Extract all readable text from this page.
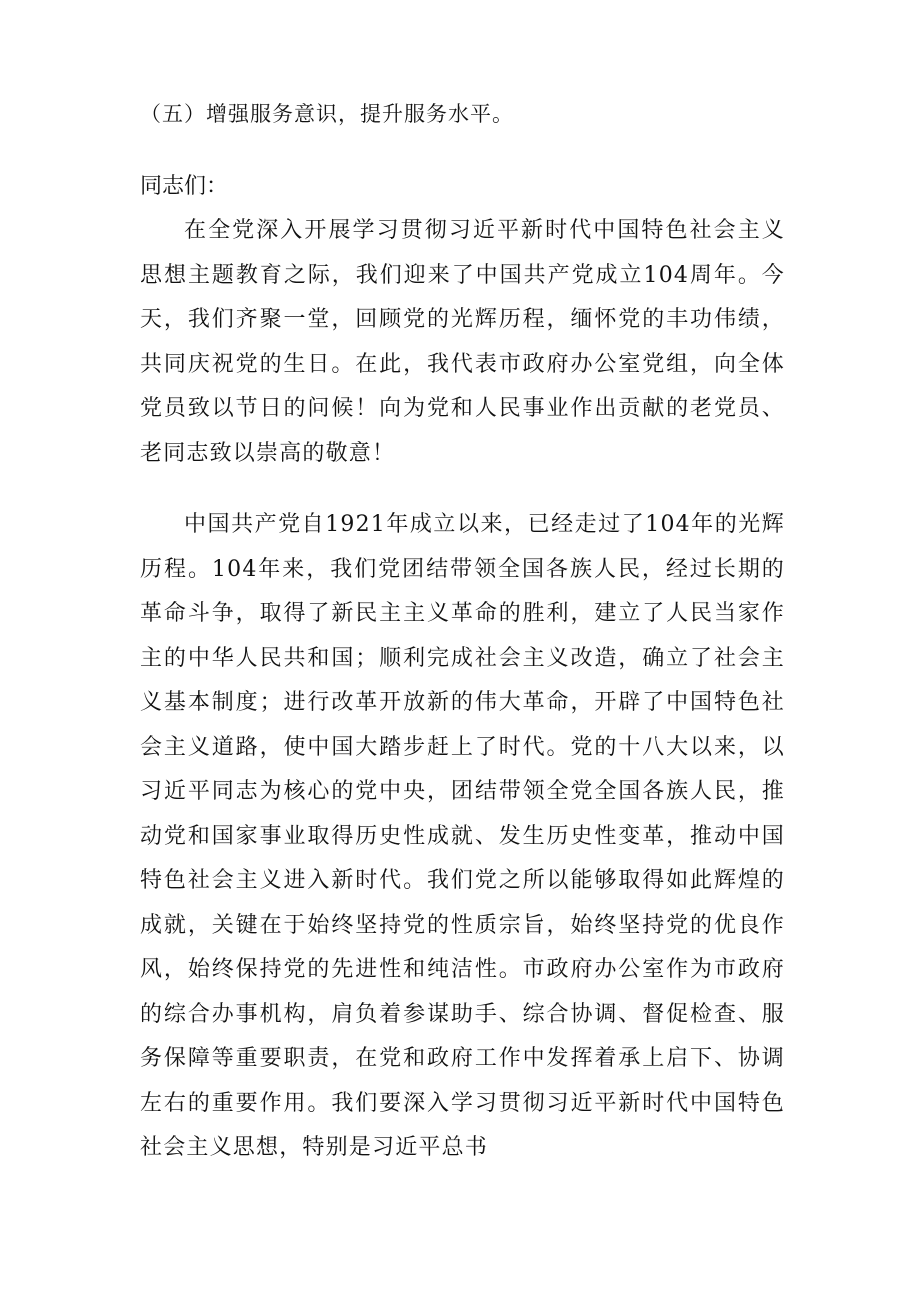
（五）增强服务意识，提升服务水平。
同志们：

在全党深入开展学习贯彻习近平新时代中国特色社会主义思想主题教育之际，我们迎来了中国共产党成立104周年。今天，我们齐聚一堂，回顾党的光辉历程，缅怀党的丰功伟绩，共同庆祝党的生日。在此，我代表市政府办公室党组，向全体党员致以节日的问候！向为党和人民事业作出贡献的老党员、老同志致以崇高的敬意！

中国共产党自1921年成立以来，已经走过了104年的光辉历程。104年来，我们党团结带领全国各族人民，经过长期的革命斗争，取得了新民主主义革命的胜利，建立了人民当家作主的中华人民共和国；顺利完成社会主义改造，确立了社会主义基本制度；进行改革开放新的伟大革命，开辟了中国特色社会主义道路，使中国大踏步赶上了时代。党的十八大以来，以习近平同志为核心的党中央，团结带领全党全国各族人民，推动党和国家事业取得历史性成就、发生历史性变革，推动中国特色社会主义进入新时代。我们党之所以能够取得如此辉煌的成就，关键在于始终坚持党的性质宗旨，始终坚持党的优良作风，始终保持党的先进性和纯洁性。市政府办公室作为市政府的综合办事机构，肩负着参谋助手、综合协调、督促检查、服务保障等重要职责，在党和政府工作中发挥着承上启下、协调左右的重要作用。我们要深入学习贯彻习近平新时代中国特色社会主义思想，特别是习近平总书
